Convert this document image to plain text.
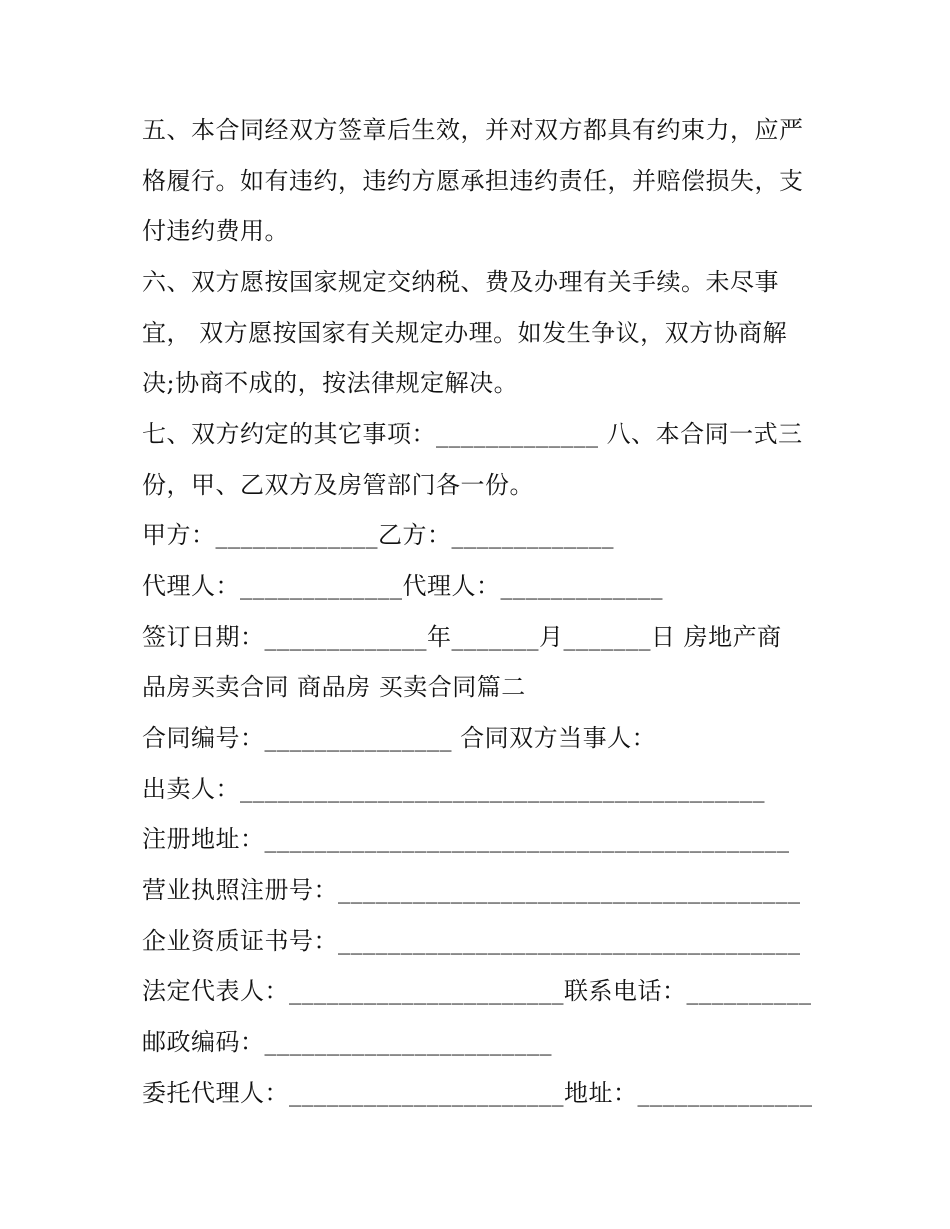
五、本合同经双方签章后生效，并对双方都具有约束力，应严
格履行。如有违约，违约方愿承担违约责任，并赔偿损失，支
付违约费用。
六、双方愿按国家规定交纳税、费及办理有关手续。未尽事
宜， 双方愿按国家有关规定办理。如发生争议，双方协商解
决;协商不成的，按法律规定解决。
七、双方约定的其它事项：_____________ 八、本合同一式三
份，甲、乙双方及房管部门各一份。
甲方：_____________乙方：_____________
代理人：_____________代理人：_____________
签订日期：_____________年_______月_______日 房地产商
品房买卖合同 商品房 买卖合同篇二
合同编号：_______________ 合同双方当事人：
出卖人：__________________________________________
注册地址：__________________________________________
营业执照注册号：_____________________________________
企业资质证书号：_____________________________________
法定代表人：______________________联系电话：__________
邮政编码：_______________________
委托代理人：______________________地址：______________
